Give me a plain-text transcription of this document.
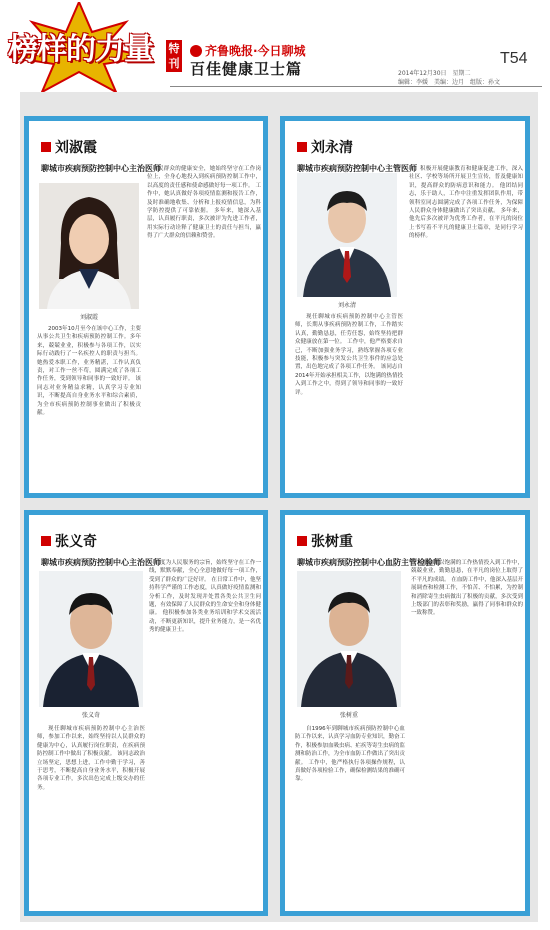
榜样的力量 特刊
齐鲁晚报·今日聊城
百佳健康卫士篇
T54
2014年12月30日　星期二
编辑：李媛　美编：边月　组版：孙文
刘淑霞
聊城市疾病预防控制中心主治医师
刘淑霞

2003年10月至今在该中心工作，主要从事公共卫生和疾病预防控制工作。多年来，兢兢业业，积极参与各项工作，以实际行动践行了一名疾控人的职责与担当。 她热爱本职工作，业务精湛，工作认真负责，对工作一丝不苟，圆满完成了各项工作任务，受到领导和同事的一致好评。 该同志对业务精益求精，认真学习专业知识，不断提高自身业务水平和综合素质，为全市疾病预防控制事业做出了积极贡献。

民群众的健康安全，她始终坚守在工作岗位上，全身心地投入到疾病预防控制工作中，以高度的责任感和使命感做好每一项工作。 工作中，她认真做好各项疫情监测和报告工作，及时准确地收集、分析和上报疫情信息，为科学防控提供了可靠依据。 多年来，她深入基层，认真履行职责，多次被评为先进工作者，用实际行动诠释了健康卫士的责任与担当，赢得了广大群众的信赖和赞誉。

刘永清
聊城市疾病预防控制中心主管医师
刘永清

现任聊城市疾病预防控制中心主管医师，长期从事疾病预防控制工作，工作踏实认真，勤勤恳恳，任劳任怨，始终坚持把群众健康放在第一位。 工作中，他严格要求自己，不断加强业务学习，熟练掌握各项专业技能，积极参与突发公共卫生事件的应急处置，出色地完成了各项工作任务。 该同志自2014年开始承担相关工作，以饱满的热情投入到工作之中，得到了领导和同事的一致好评。

积极开展健康教育和健康促进工作，深入社区、学校等场所开展卫生宣传，普及健康知识，提高群众的防病意识和能力。 他团结同志，乐于助人，工作中注重发挥团队作用，带领科室同志圆满完成了各项工作任务，为保障人民群众身体健康做出了突出贡献。 多年来，他先后多次被评为优秀工作者，在平凡的岗位上书写着不平凡的健康卫士篇章，是同行学习的榜样。

张义奇
聊城市疾病预防控制中心主治医师
张义奇

现任聊城市疾病预防控制中心主治医师，参加工作以来，始终坚持以人民群众的健康为中心，认真履行岗位职责，在疾病预防控制工作中做出了积极贡献。 该同志政治立场坚定，思想上进，工作中勤于学习，善于思考，不断提高自身业务水平，积极开展各项专业工作，多次出色完成上级交办的任务。

度为人民服务的宗旨，始终坚守在工作一线，默默奉献，全心全意地做好每一项工作，受到了群众的广泛好评。 在日常工作中，他坚持科学严谨的工作态度，认真做好疫情监测和分析工作，及时发现并处置各类公共卫生问题，有效保障了人民群众的生命安全和身体健康。 他积极参加各类业务培训和学术交流活动，不断更新知识，提升业务能力，是一名优秀的健康卫士。

张树重
聊城市疾病预防控制中心血防主管检验师
张树重

自1996年到聊城市疾病预防控制中心血防工作以来，认真学习血防专业知识，勤奋工作，积极参加血吸虫病、疟疾等寄生虫病的监测和防治工作，为全市血防工作做出了突出贡献。 工作中，他严格执行各项操作规程，认真做好各项检验工作，确保检测结果的准确可靠。

他始终以饱满的工作热情投入到工作中，兢兢业业，勤勤恳恳，在平凡的岗位上取得了不平凡的成绩。 在血防工作中，他深入基层开展调查和检测工作，不怕苦、不怕累，为控制和消除寄生虫病做出了积极的贡献，多次受到上级部门的表彰和奖励，赢得了同事和群众的一致称赞。
